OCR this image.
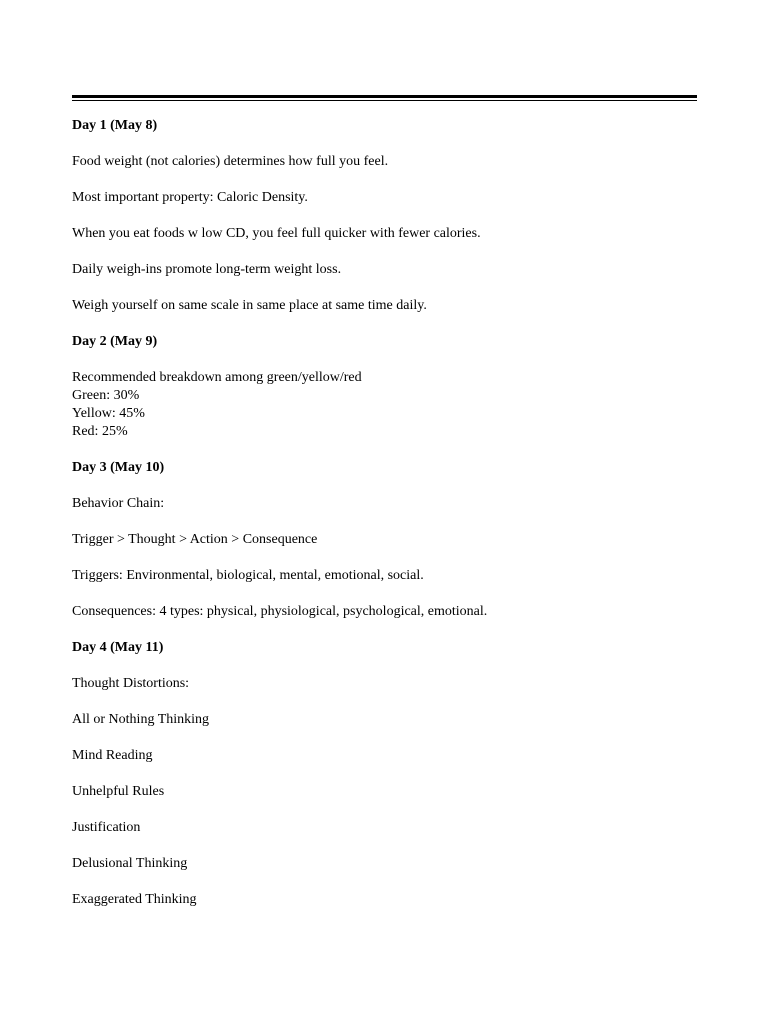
Day 1 (May 8)

Food weight (not calories) determines how full you feel.

Most important property: Caloric Density.

When you eat foods w low CD, you feel full quicker with fewer calories.

Daily weigh-ins promote long-term weight loss.

Weigh yourself on same scale in same place at same time daily.

Day 2 (May 9)

Recommended breakdown among green/yellow/red

Green: 30%

Yellow: 45%

Red: 25%

Day 3 (May 10)

Behavior Chain:

Trigger > Thought > Action > Consequence

Triggers: Environmental, biological, mental, emotional, social.

Consequences: 4 types: physical, physiological, psychological, emotional.

Day 4 (May 11)

Thought Distortions:

All or Nothing Thinking

Mind Reading

Unhelpful Rules

Justification

Delusional Thinking

Exaggerated Thinking
